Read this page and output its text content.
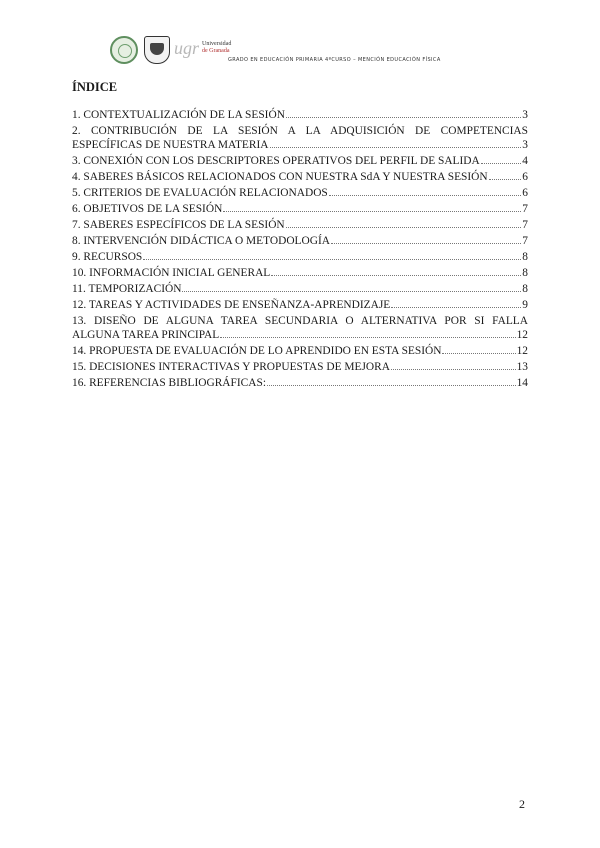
ugr Universidad
de Granada
GRADO EN EDUCACIÓN PRIMARIA 4ºCURSO – MENCIÓN EDUCACIÓN FÍSICA
ÍNDICE
1. CONTEXTUALIZACIÓN DE LA SESIÓN	3
2. CONTRIBUCIÓN DE LA SESIÓN A LA ADQUISICIÓN DE COMPETENCIAS
ESPECÍFICAS DE NUESTRA MATERIA	3
3. CONEXIÓN CON LOS DESCRIPTORES OPERATIVOS DEL PERFIL DE SALIDA	4
4. SABERES BÁSICOS RELACIONADOS CON NUESTRA SdA Y NUESTRA SESIÓN	6
5. CRITERIOS DE EVALUACIÓN RELACIONADOS	6
6. OBJETIVOS DE LA SESIÓN	7
7. SABERES ESPECÍFICOS DE LA SESIÓN	7
8. INTERVENCIÓN DIDÁCTICA O METODOLOGÍA	7
9. RECURSOS	8
10. INFORMACIÓN INICIAL GENERAL	8
11. TEMPORIZACIÓN	8
12. TAREAS Y ACTIVIDADES DE ENSEÑANZA-APRENDIZAJE	9
13. DISEÑO DE ALGUNA TAREA SECUNDARIA O ALTERNATIVA POR SI FALLA
ALGUNA TAREA PRINCIPAL	12
14. PROPUESTA DE EVALUACIÓN DE LO APRENDIDO EN ESTA SESIÓN	12
15. DECISIONES INTERACTIVAS Y PROPUESTAS DE MEJORA	13
16. REFERENCIAS BIBLIOGRÁFICAS:	14
2
